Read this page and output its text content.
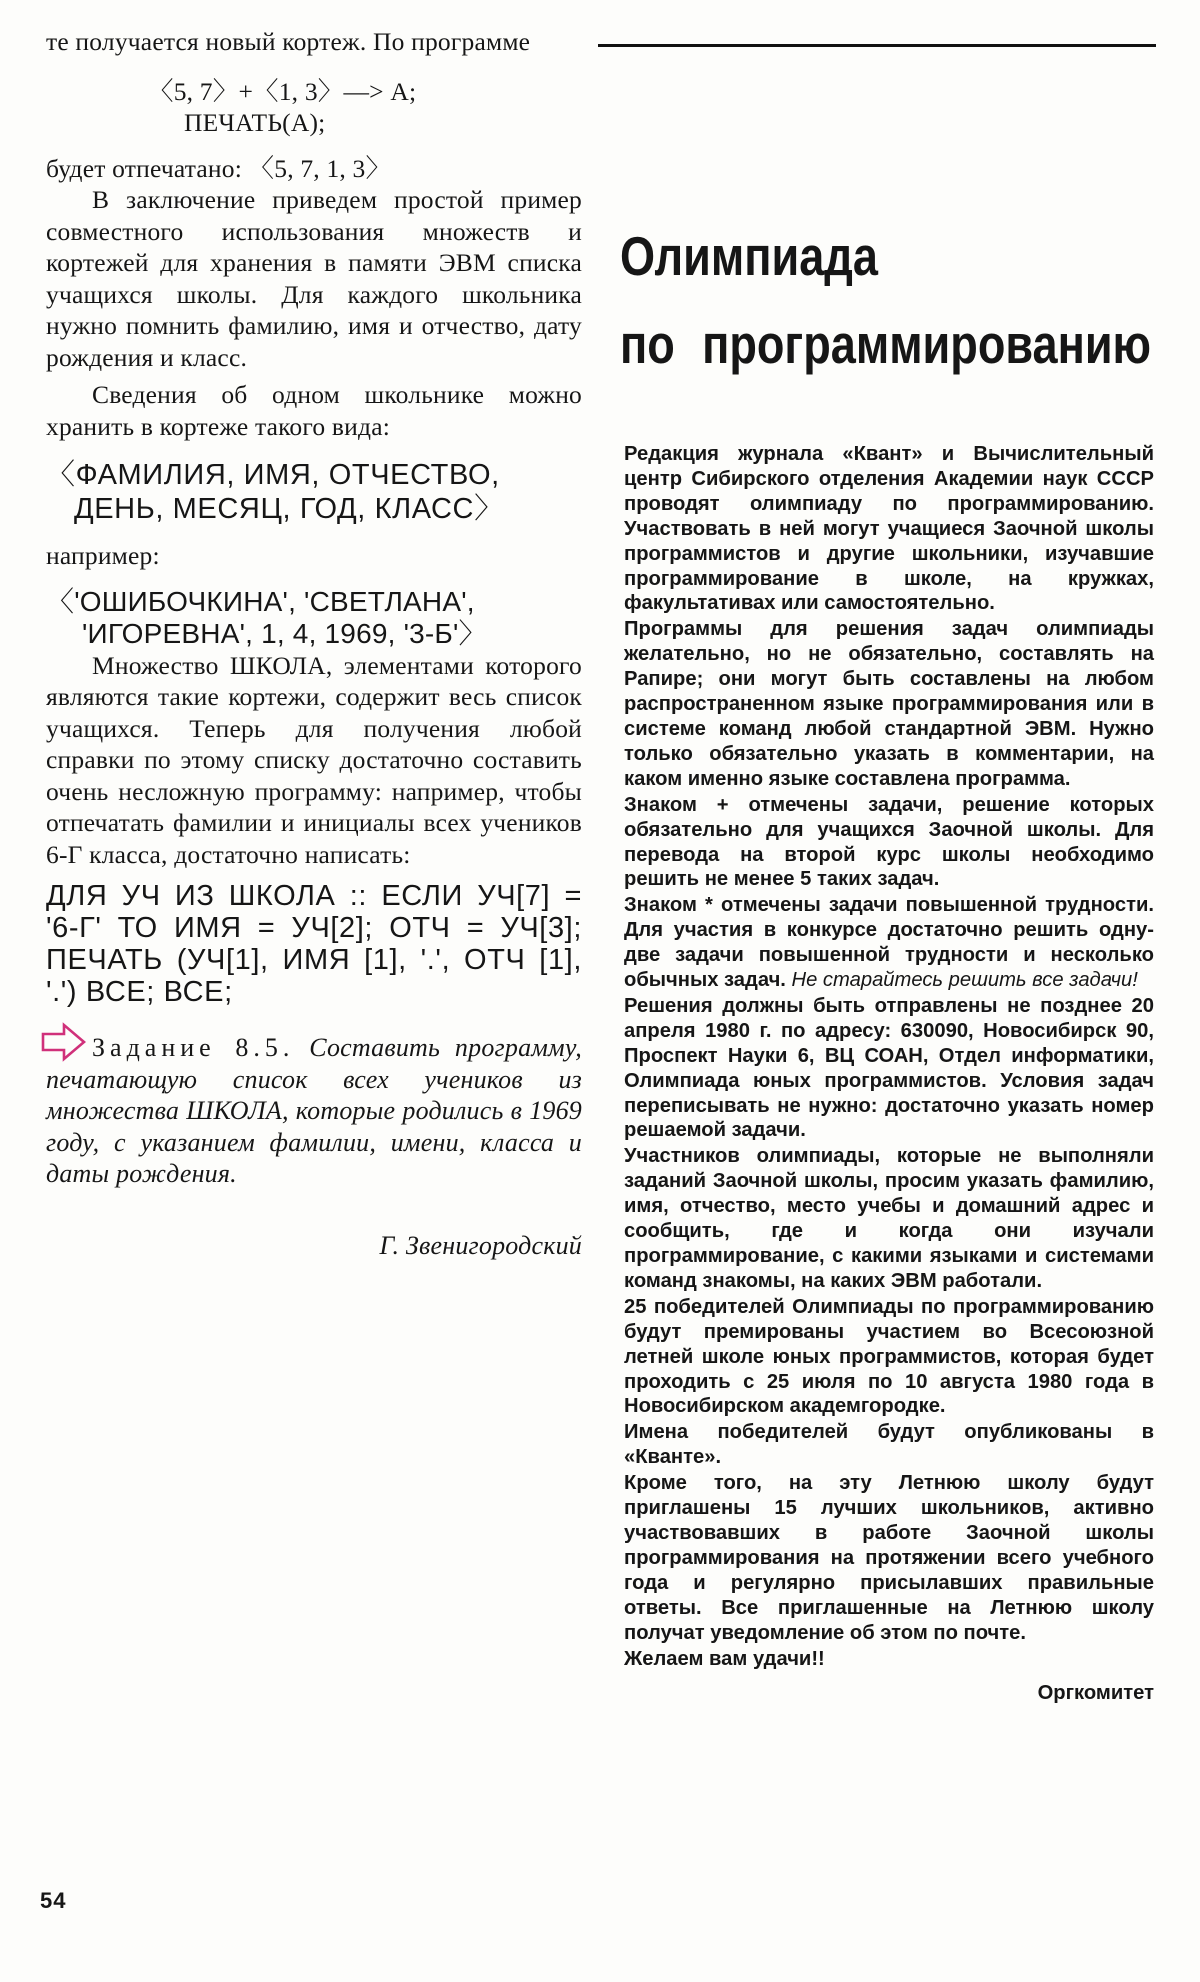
те получается новый кортеж. По программе

〈5, 7〉+〈1, 3〉—> А;
ПЕЧАТЬ(А);

будет отпечатано: 〈5, 7, 1, 3〉

В заключение приведем простой пример совместного использования множеств и кортежей для хранения в памяти ЭВМ списка учащихся школы. Для каждого школьника нужно помнить фамилию, имя и отчество, дату рождения и класс.

Сведения об одном школьнике можно хранить в кортеже такого вида:

〈ФАМИЛИЯ, ИМЯ, ОТЧЕСТВО,
ДЕНЬ, МЕСЯЦ, ГОД, КЛАСС〉

например:

〈'ОШИБОЧКИНА', 'СВЕТЛАНА',
'ИГОРЕВНА', 1, 4, 1969, '3-Б'〉

Множество ШКОЛА, элементами которого являются такие кортежи, содержит весь список учащихся. Теперь для получения любой справки по этому списку достаточно составить очень несложную программу: например, чтобы отпечатать фамилии и инициалы всех учеников 6-Г класса, достаточно написать:

ДЛЯ УЧ ИЗ ШКОЛА :: ЕСЛИ УЧ[7] = '6-Г' ТО ИМЯ = УЧ[2]; ОТЧ = УЧ[3]; ПЕЧАТЬ (УЧ[1], ИМЯ [1], '.', ОТЧ [1], '.') ВСЕ; ВСЕ;
Задание 8.5. Составить программу, печатающую список всех учеников из множества ШКОЛА, которые родились в 1969 году, с указанием фамилии, имени, класса и даты рождения.
Г. Звенигородский
Олимпиада
по программированию

Редакция журнала «Квант» и Вычислительный центр Сибирского отделения Академии наук СССР проводят олимпиаду по программированию. Участвовать в ней могут учащиеся Заочной школы программистов и другие школьники, изучавшие программирование в школе, на кружках, факультативах или самостоятельно.

Программы для решения задач олимпиады желательно, но не обязательно, составлять на Рапире; они могут быть составлены на любом распространенном языке программирования или в системе команд любой стандартной ЭВМ. Нужно только обязательно указать в комментарии, на каком именно языке составлена программа.

Знаком + отмечены задачи, решение которых обязательно для учащихся Заочной школы. Для перевода на второй курс школы необходимо решить не менее 5 таких задач.

Знаком * отмечены задачи повышенной трудности. Для участия в конкурсе достаточно решить одну-две задачи повышенной трудности и несколько обычных задач. Не старайтесь решить все задачи!

Решения должны быть отправлены не позднее 20 апреля 1980 г. по адресу: 630090, Новосибирск 90, Проспект Науки 6, ВЦ СОАН, Отдел информатики, Олимпиада юных программистов. Условия задач переписывать не нужно: достаточно указать номер решаемой задачи.

Участников олимпиады, которые не выполняли заданий Заочной школы, просим указать фамилию, имя, отчество, место учебы и домашний адрес и сообщить, где и когда они изучали программирование, с какими языками и системами команд знакомы, на каких ЭВМ работали.

25 победителей Олимпиады по программированию будут премированы участием во Всесоюзной летней школе юных программистов, которая будет проходить с 25 июля по 10 августа 1980 года в Новосибирском академгородке.

Имена победителей будут опубликованы в «Кванте».

Кроме того, на эту Летнюю школу будут приглашены 15 лучших школьников, активно участвовавших в работе Заочной школы программирования на протяжении всего учебного года и регулярно присылавших правильные ответы. Все приглашенные на Летнюю школу получат уведомление об этом по почте.

Желаем вам удачи!!

Оргкомитет

54
